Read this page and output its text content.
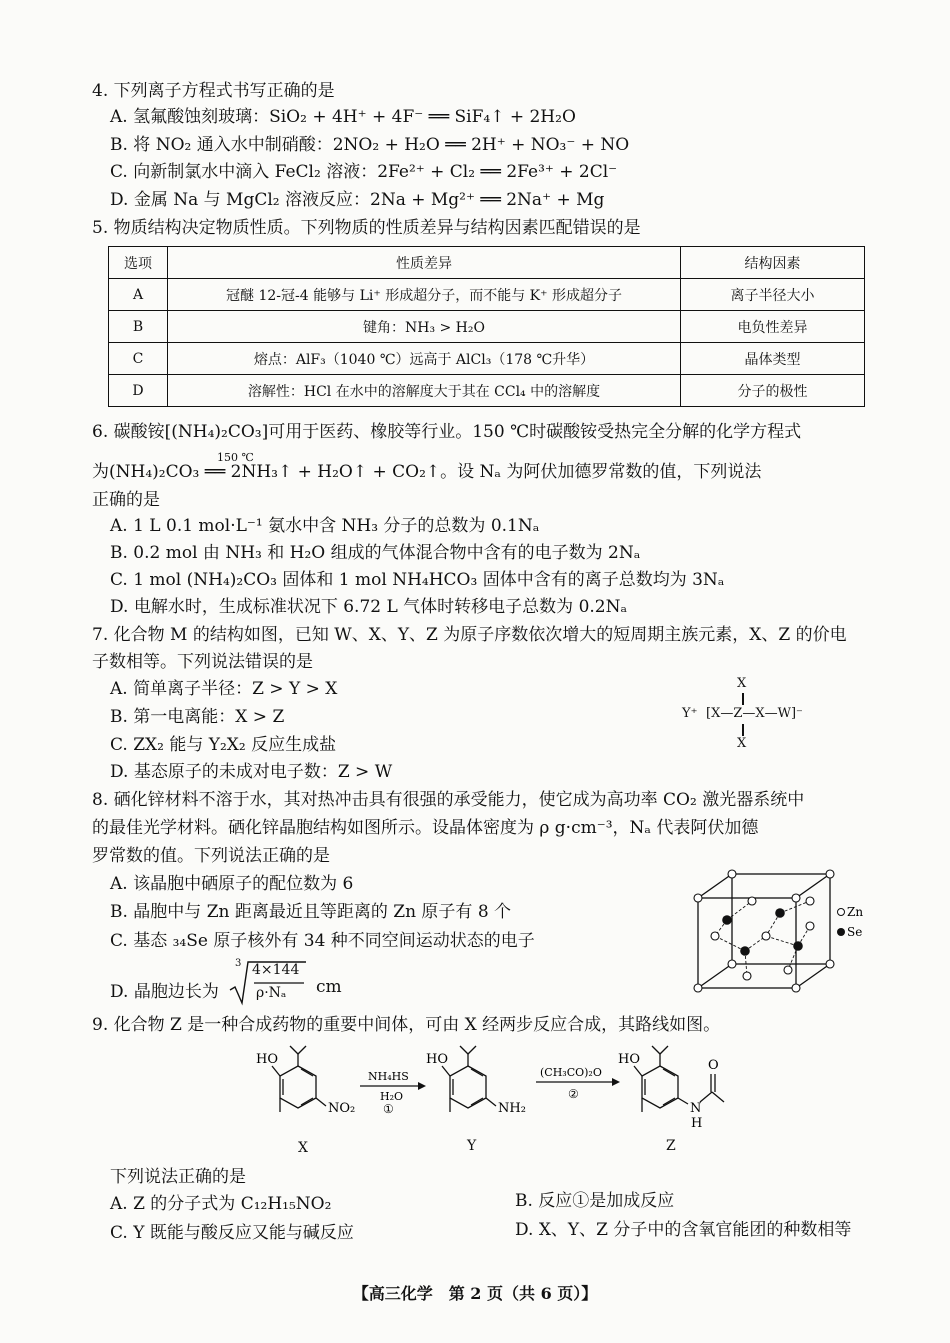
4. 下列离子方程式书写正确的是
A. 氢氟酸蚀刻玻璃：SiO₂ + 4H⁺ + 4F⁻ ══ SiF₄↑ + 2H₂O
B. 将 NO₂ 通入水中制硝酸：2NO₂ + H₂O ══ 2H⁺ + NO₃⁻ + NO
C. 向新制氯水中滴入 FeCl₂ 溶液：2Fe²⁺ + Cl₂ ══ 2Fe³⁺ + 2Cl⁻
D. 金属 Na 与 MgCl₂ 溶液反应：2Na + Mg²⁺ ══ 2Na⁺ + Mg
5. 物质结构决定物质性质。下列物质的性质差异与结构因素匹配错误的是
选项	性质差异	结构因素
A	冠醚 12-冠-4 能够与 Li⁺ 形成超分子，而不能与 K⁺ 形成超分子	离子半径大小
B	键角：NH₃ > H₂O	电负性差异
C	熔点：AlF₃（1040 ℃）远高于 AlCl₃（178 ℃升华）	晶体类型
D	溶解性：HCl 在水中的溶解度大于其在 CCl₄ 中的溶解度	分子的极性
6. 碳酸铵[(NH₄)₂CO₃]可用于医药、橡胶等行业。150 ℃时碳酸铵受热完全分解的化学方程式
150 ℃
为(NH₄)₂CO₃ ══ 2NH₃↑ + H₂O↑ + CO₂↑。设 Nₐ 为阿伏加德罗常数的值，下列说法
正确的是
A. 1 L 0.1 mol·L⁻¹ 氨水中含 NH₃ 分子的总数为 0.1Nₐ
B. 0.2 mol 由 NH₃ 和 H₂O 组成的气体混合物中含有的电子数为 2Nₐ
C. 1 mol (NH₄)₂CO₃ 固体和 1 mol NH₄HCO₃ 固体中含有的离子总数均为 3Nₐ
D. 电解水时，生成标准状况下 6.72 L 气体时转移电子总数为 0.2Nₐ
7. 化合物 M 的结构如图，已知 W、X、Y、Z 为原子序数依次增大的短周期主族元素，X、Z 的价电
子数相等。下列说法错误的是
A. 简单离子半径：Z > Y > X
B. 第一电离能：X > Z
C. ZX₂ 能与 Y₂X₂ 反应生成盐
D. 基态原子的未成对电子数：Z > W
X
Y⁺ [X—Z—X—W]⁻
X
8. 硒化锌材料不溶于水，其对热冲击具有很强的承受能力，使它成为高功率 CO₂ 激光器系统中
的最佳光学材料。硒化锌晶胞结构如图所示。设晶体密度为 ρ g·cm⁻³，Nₐ 代表阿伏加德
罗常数的值。下列说法正确的是
A. 该晶胞中硒原子的配位数为 6
B. 晶胞中与 Zn 距离最近且等距离的 Zn 原子有 8 个
C. 基态 ₃₄Se 原子核外有 34 种不同空间运动状态的电子
D. 晶胞边长为
3 4×144
ρ·Nₐ cm
Zn
Se
9. 化合物 Z 是一种合成药物的重要中间体，可由 X 经两步反应合成，其路线如图。
HO
NO₂
NH₄HS
H₂O
①
HO
NH₂
(CH₃CO)₂O
②
HO
N
H
O
X	Y	Z
下列说法正确的是
A. Z 的分子式为 C₁₂H₁₅NO₂	B. 反应①是加成反应
C. Y 既能与酸反应又能与碱反应	D. X、Y、Z 分子中的含氧官能团的种数相等
【高三化学　第 2 页（共 6 页）】
